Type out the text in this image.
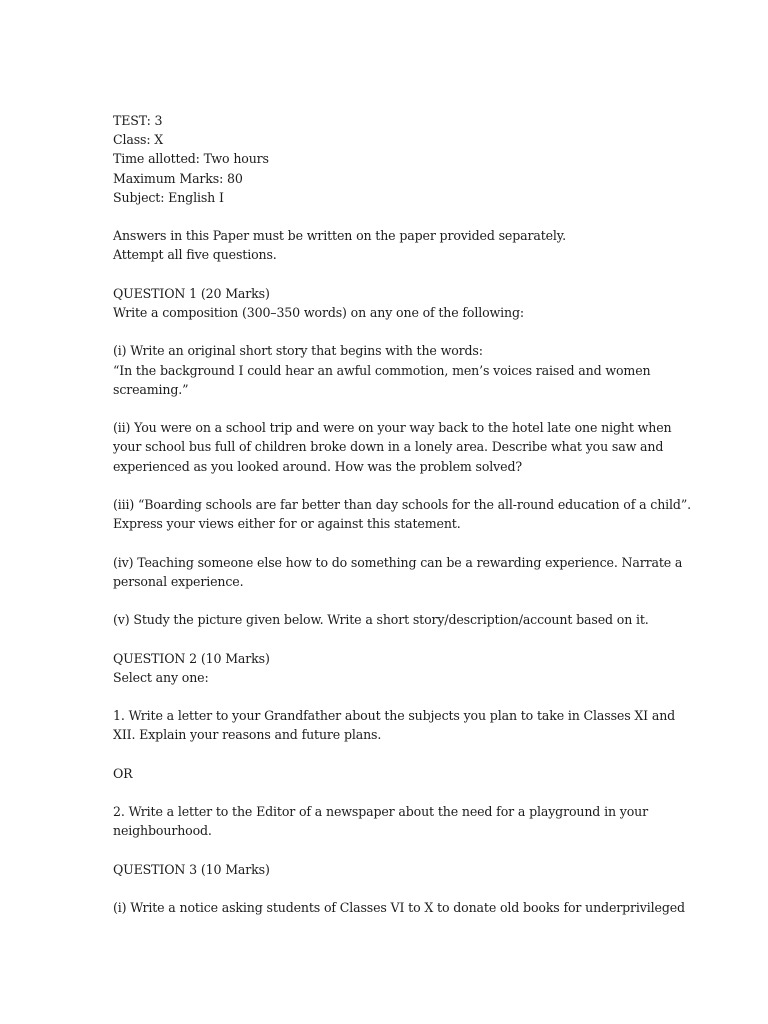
TEST: 3
Class: X
Time allotted: Two hours
Maximum Marks: 80
Subject: English I
Answers in this Paper must be written on the paper provided separately.
Attempt all five questions.
QUESTION 1 (20 Marks)
Write a composition (300–350 words) on any one of the following:
(i) Write an original short story that begins with the words:
“In the background I could hear an awful commotion, men’s voices raised and women
screaming.”
(ii) You were on a school trip and were on your way back to the hotel late one night when
your school bus full of children broke down in a lonely area. Describe what you saw and
experienced as you looked around. How was the problem solved?
(iii) “Boarding schools are far better than day schools for the all-round education of a child”.
Express your views either for or against this statement.
(iv) Teaching someone else how to do something can be a rewarding experience. Narrate a
personal experience.
(v) Study the picture given below. Write a short story/description/account based on it.
QUESTION 2 (10 Marks)
Select any one:
1. Write a letter to your Grandfather about the subjects you plan to take in Classes XI and
XII. Explain your reasons and future plans.
OR
2. Write a letter to the Editor of a newspaper about the need for a playground in your
neighbourhood.
QUESTION 3 (10 Marks)
(i) Write a notice asking students of Classes VI to X to donate old books for underprivileged
